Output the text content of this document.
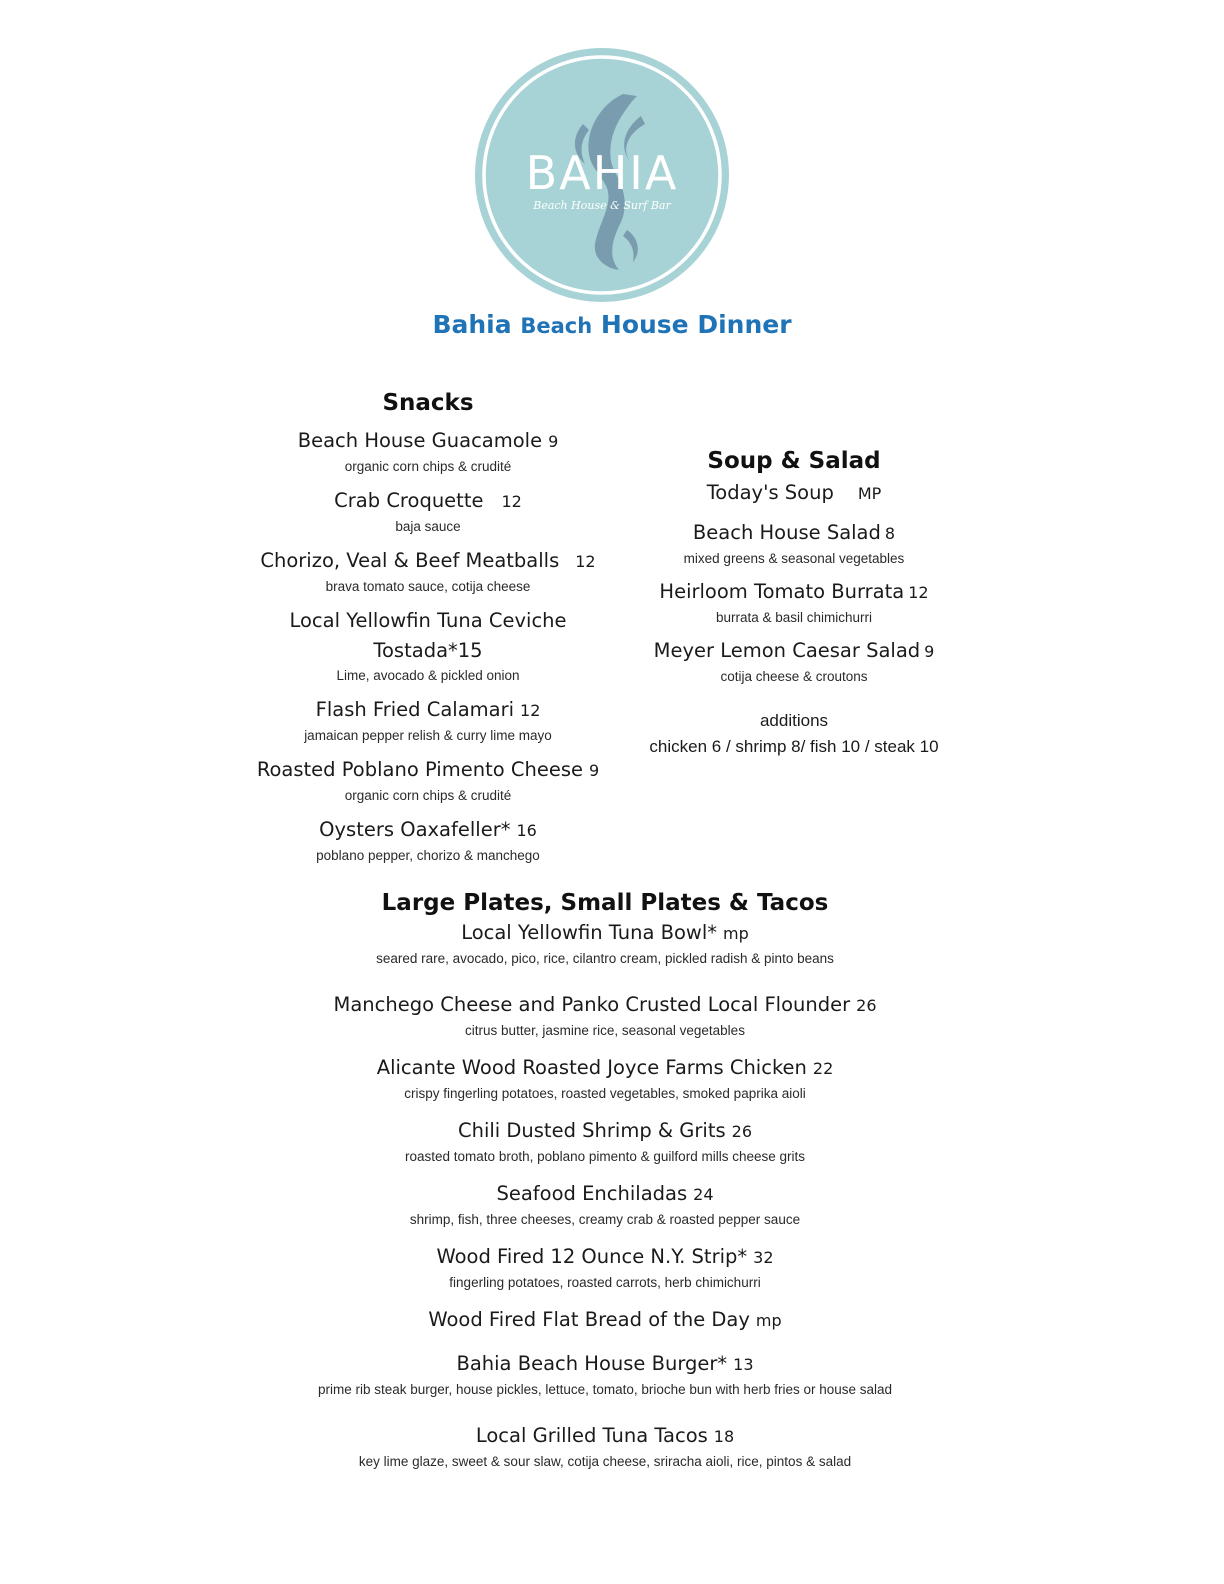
BAHIA
Beach House & Surf Bar
Bahia Beach House Dinner
Snacks
Beach House Guacamole 9
organic corn chips & crudité
Crab Croquette 12
baja sauce
Chorizo, Veal & Beef Meatballs 12
brava tomato sauce, cotija cheese
Local Yellowfin Tuna Ceviche
Tostada*15
Lime, avocado & pickled onion
Flash Fried Calamari 12
jamaican pepper relish & curry lime mayo
Roasted Poblano Pimento Cheese 9
organic corn chips & crudité
Oysters Oaxafeller* 16
poblano pepper, chorizo & manchego
Soup & Salad
Today's Soup MP
Beach House Salad 8
mixed greens & seasonal vegetables
Heirloom Tomato Burrata 12
burrata & basil chimichurri
Meyer Lemon Caesar Salad 9
cotija cheese & croutons
additions
chicken 6 / shrimp 8/ fish 10 / steak 10
Large Plates, Small Plates & Tacos
Local Yellowfin Tuna Bowl* mp
seared rare, avocado, pico, rice, cilantro cream, pickled radish & pinto beans
Manchego Cheese and Panko Crusted Local Flounder 26
citrus butter, jasmine rice, seasonal vegetables
Alicante Wood Roasted Joyce Farms Chicken 22
crispy fingerling potatoes, roasted vegetables, smoked paprika aioli
Chili Dusted Shrimp & Grits 26
roasted tomato broth, poblano pimento & guilford mills cheese grits
Seafood Enchiladas 24
shrimp, fish, three cheeses, creamy crab & roasted pepper sauce
Wood Fired 12 Ounce N.Y. Strip* 32
fingerling potatoes, roasted carrots, herb chimichurri
Wood Fired Flat Bread of the Day mp
Bahia Beach House Burger* 13
prime rib steak burger, house pickles, lettuce, tomato, brioche bun with herb fries or house salad
Local Grilled Tuna Tacos 18
key lime glaze, sweet & sour slaw, cotija cheese, sriracha aioli, rice, pintos & salad
